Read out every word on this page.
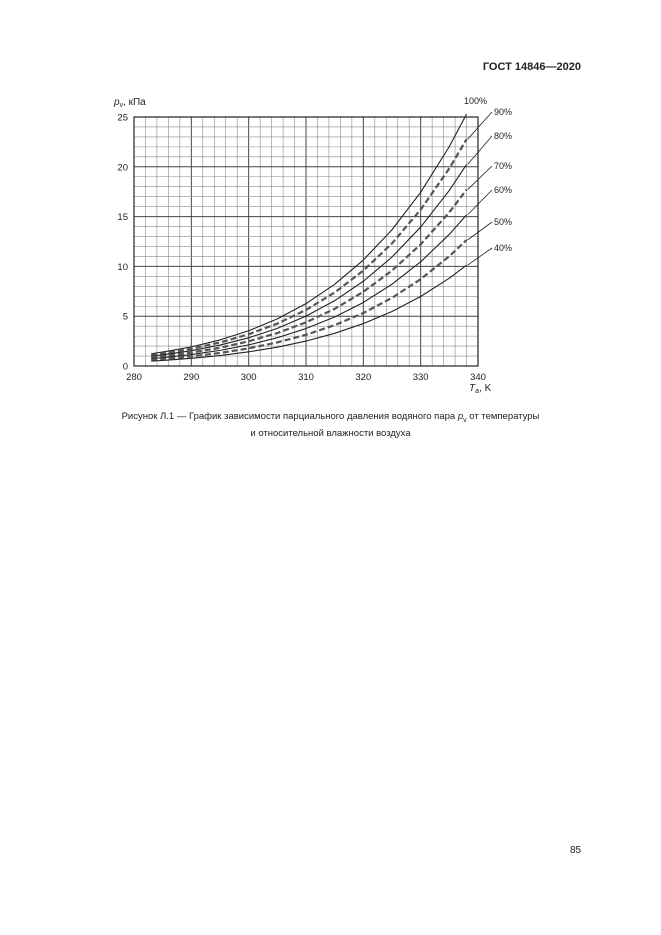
ГОСТ 14846—2020
280	290	300	310	320	330	340
0
5
10
15
20
25
100%
90%
80%
70%
60%
50%
40%
$p_v$, кПа
$T_a$, K
Рисунок Л.1 — График зависимости парциального давления водяного пара $p_v$ от температуры
и относительной влажности воздуха
85
